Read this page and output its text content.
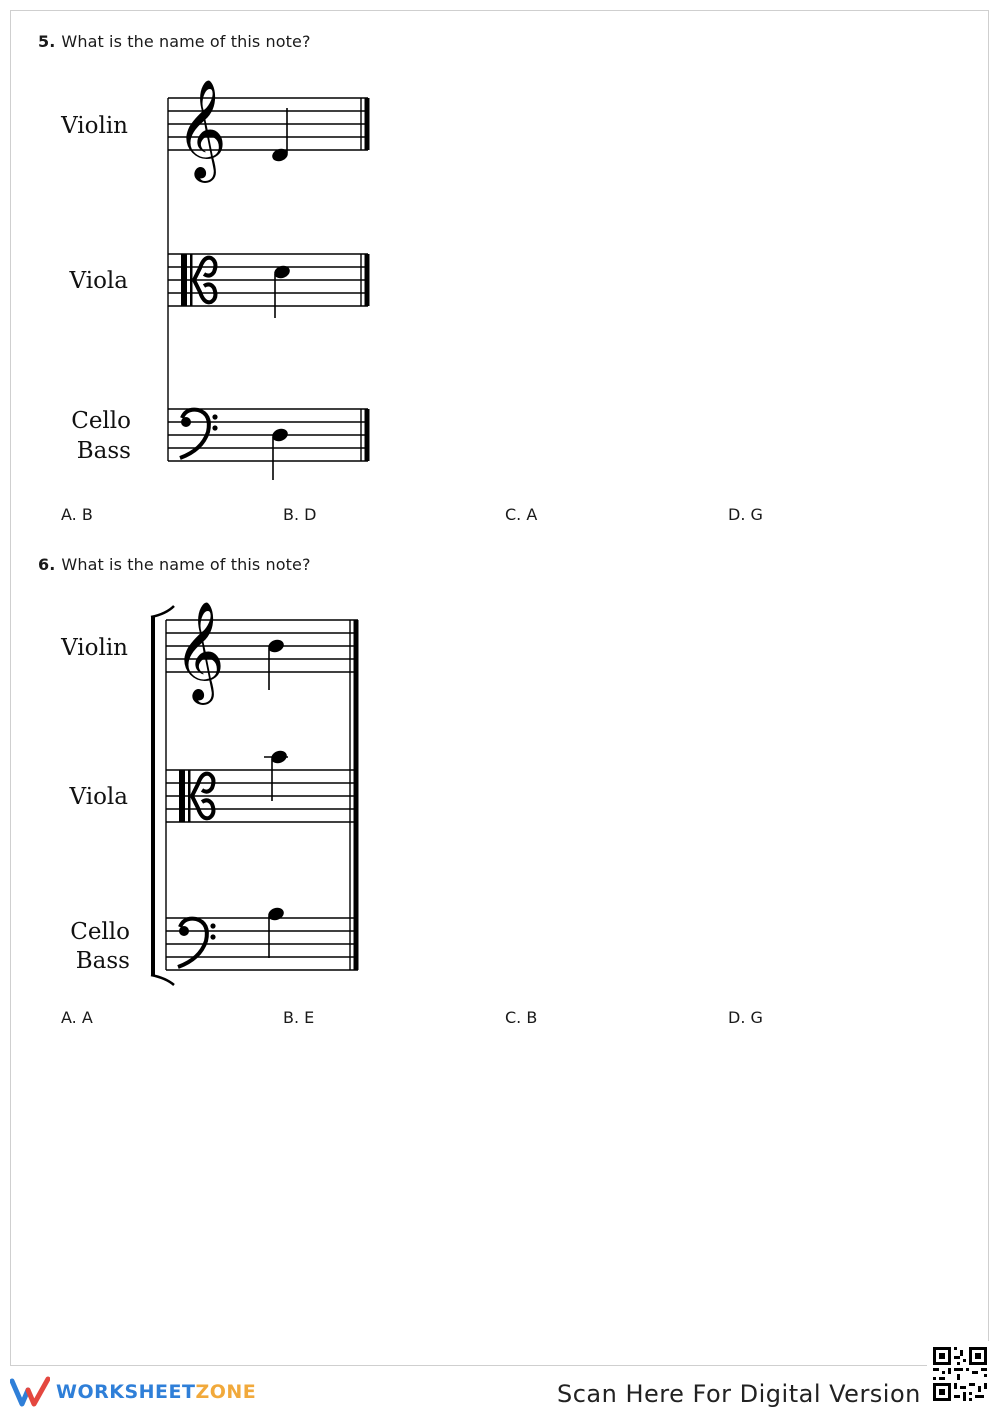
5. What is the name of this note?
𝄞
Violin
Viola
Cello
Bass
A. B	B. D	C. A	D. G
6. What is the name of this note?
𝄞
Violin
Viola
Cello
Bass
A. A	B. E	C. B	D. G
WORKSHEETZONE	Scan Here For Digital Version
